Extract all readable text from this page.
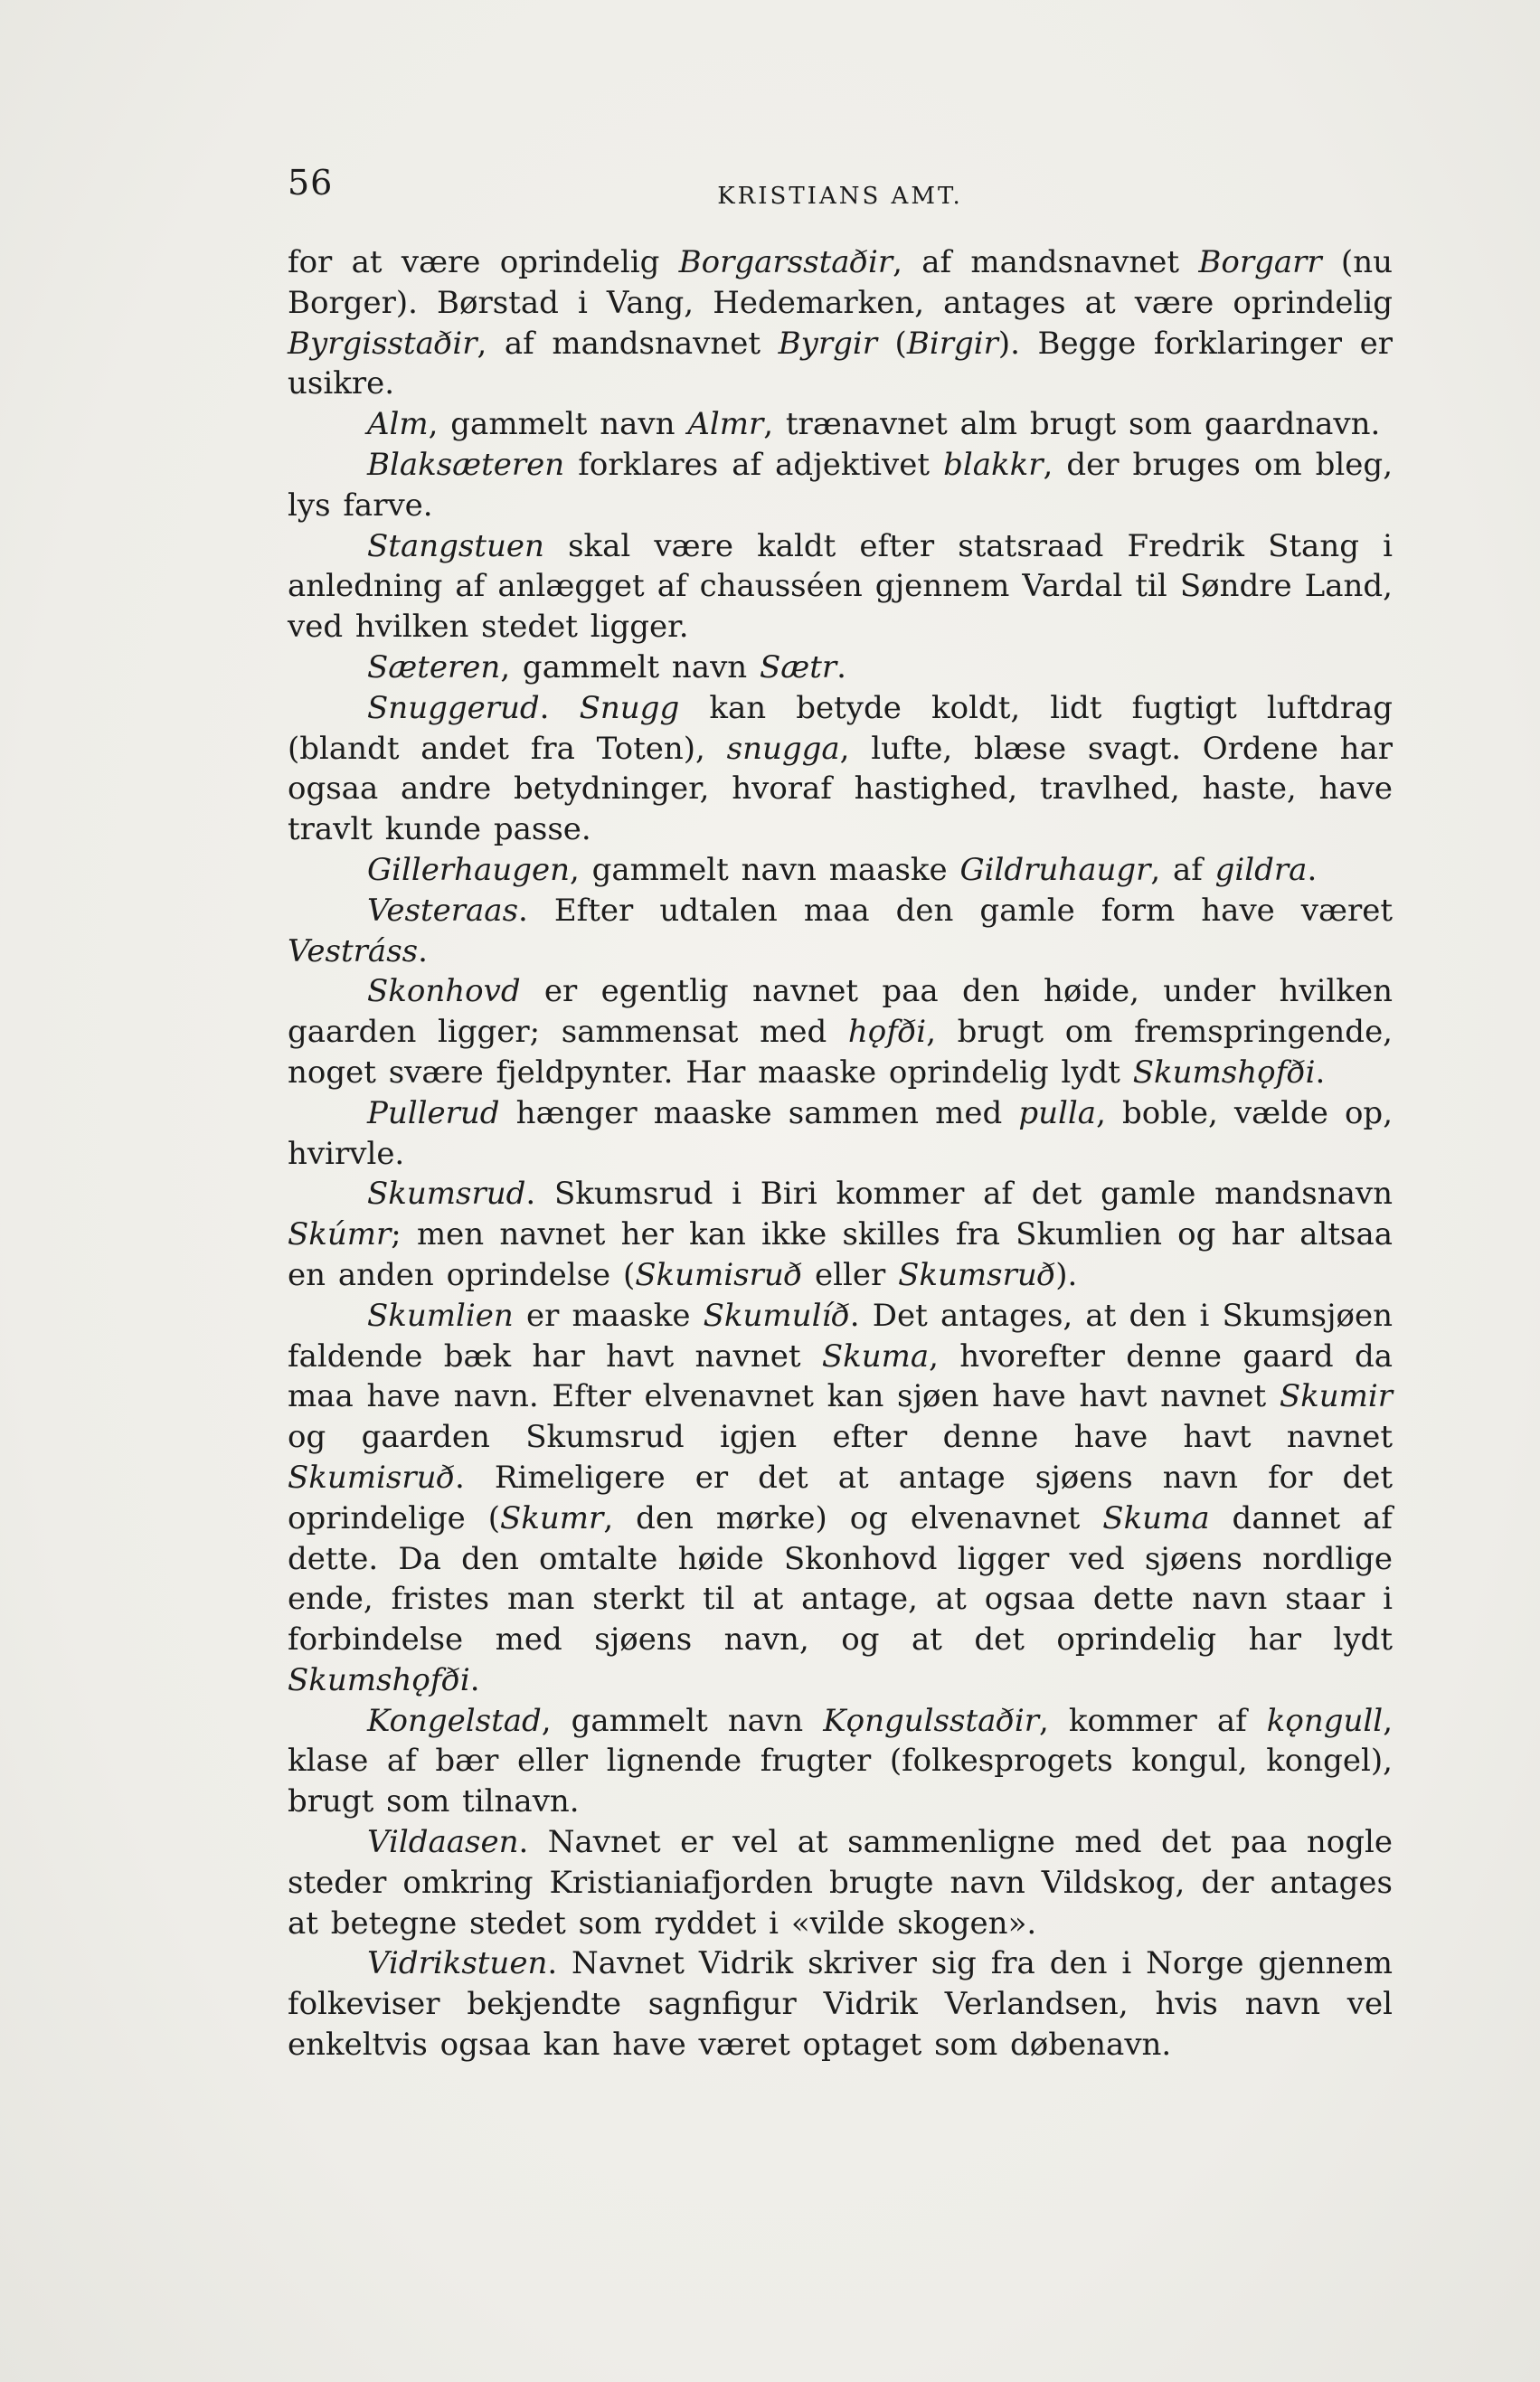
56	KRISTIANS AMT.

for at være oprindelig Borgarsstaðir, af mandsnavnet Borgarr (nu Borger). Børstad i Vang, Hedemarken, antages at være oprindelig Byrgisstaðir, af mandsnavnet Byrgir (Birgir). Begge forklaringer er usikre.

Alm, gammelt navn Almr, trænavnet alm brugt som gaardnavn.

Blaksæteren forklares af adjektivet blakkr, der bruges om bleg, lys farve.

Stangstuen skal være kaldt efter statsraad Fredrik Stang i anledning af anlægget af chausséen gjennem Vardal til Søndre Land, ved hvilken stedet ligger.

Sæteren, gammelt navn Sætr.

Snuggerud. Snugg kan betyde koldt, lidt fugtigt luftdrag (blandt andet fra Toten), snugga, lufte, blæse svagt. Ordene har ogsaa andre betydninger, hvoraf hastighed, travlhed, haste, have travlt kunde passe.

Gillerhaugen, gammelt navn maaske Gildruhaugr, af gildra.

Vesteraas. Efter udtalen maa den gamle form have været Vestráss.

Skonhovd er egentlig navnet paa den høide, under hvilken gaarden ligger; sammensat med hǫfði, brugt om fremspringende, noget svære fjeldpynter. Har maaske oprindelig lydt Skumshǫfði.

Pullerud hænger maaske sammen med pulla, boble, vælde op, hvirvle.

Skumsrud. Skumsrud i Biri kommer af det gamle mandsnavn Skúmr; men navnet her kan ikke skilles fra Skumlien og har altsaa en anden oprindelse (Skumisruð eller Skumsruð).

Skumlien er maaske Skumulíð. Det antages, at den i Skumsjøen faldende bæk har havt navnet Skuma, hvorefter denne gaard da maa have navn. Efter elvenavnet kan sjøen have havt navnet Skumir og gaarden Skumsrud igjen efter denne have havt navnet Skumisruð. Rimeligere er det at antage sjøens navn for det oprindelige (Skumr, den mørke) og elvenavnet Skuma dannet af dette. Da den omtalte høide Skonhovd ligger ved sjøens nordlige ende, fristes man sterkt til at antage, at ogsaa dette navn staar i forbindelse med sjøens navn, og at det oprindelig har lydt Skumshǫfði.

Kongelstad, gammelt navn Kǫngulsstaðir, kommer af kǫngull, klase af bær eller lignende frugter (folkesprogets kongul, kongel), brugt som tilnavn.

Vildaasen. Navnet er vel at sammenligne med det paa nogle steder omkring Kristianiafjorden brugte navn Vildskog, der antages at betegne stedet som ryddet i «vilde skogen».

Vidrikstuen. Navnet Vidrik skriver sig fra den i Norge gjennem folkeviser bekjendte sagnfigur Vidrik Verlandsen, hvis navn vel enkeltvis ogsaa kan have været optaget som døbenavn.
